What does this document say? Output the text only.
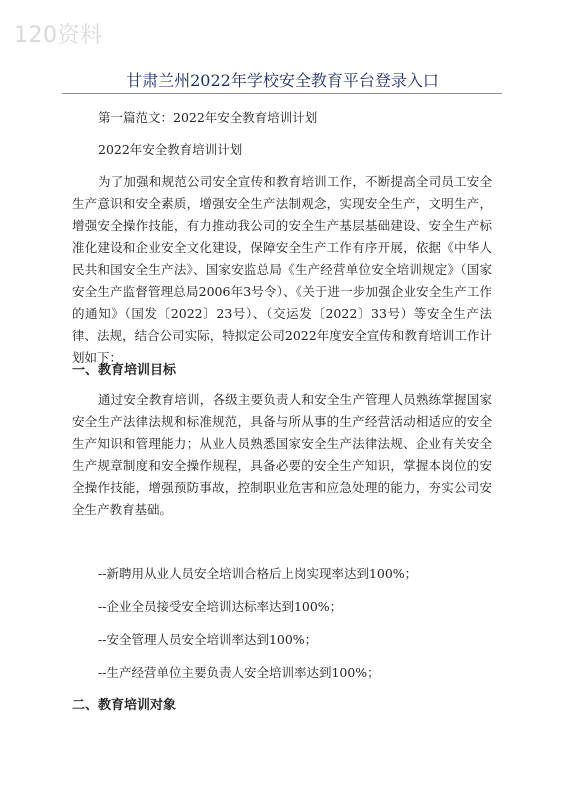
120资料
甘肃兰州2022年学校安全教育平台登录入口
第一篇范文：2022年安全教育培训计划
2022年安全教育培训计划
为了加强和规范公司安全宣传和教育培训工作，不断提高全司员工安全生产意识和安全素质，增强安全生产法制观念，实现安全生产，文明生产，增强安全操作技能，有力推动我公司的安全生产基层基础建设、安全生产标准化建设和企业安全文化建设，保障安全生产工作有序开展，依据《中华人民共和国安全生产法》、国家安监总局《生产经营单位安全培训规定》（国家安全生产监督管理总局2006年3号令）、《关于进一步加强企业安全生产工作的通知》（国发〔2022〕23号）、（交运发〔2022〕33号）等安全生产法律、法规，结合公司实际，特拟定公司2022年度安全宣传和教育培训工作计划如下：
一、教育培训目标
通过安全教育培训，各级主要负责人和安全生产管理人员熟练掌握国家安全生产法律法规和标准规范，具备与所从事的生产经营活动相适应的安全生产知识和管理能力；从业人员熟悉国家安全生产法律法规、企业有关安全生产规章制度和安全操作规程，具备必要的安全生产知识，掌握本岗位的安全操作技能，增强预防事故，控制职业危害和应急处理的能力，夯实公司安全生产教育基础。
--新聘用从业人员安全培训合格后上岗实现率达到100%；
--企业全员接受安全培训达标率达到100%；
--安全管理人员安全培训率达到100%；
--生产经营单位主要负责人安全培训率达到100%；
二、教育培训对象
